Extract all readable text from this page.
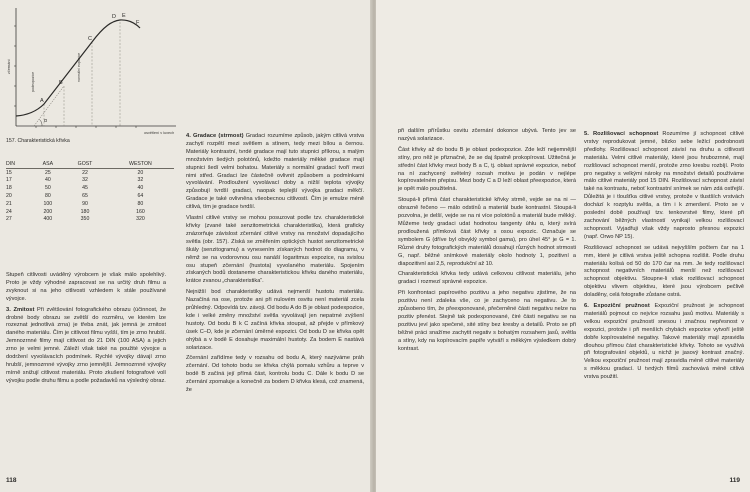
α
A
B
C
D E
F
podexpozice	normální expozice
zčernání
osvětlení v luxech
157. Charakteristická křivka
DIN	ASA	GOST	WESTON
15	25	22	20
17	40	32	32
18	50	45	40
20	80	65	64
21	100	90	80
24	200	180	160
27	400	350	320

Stupeň citlivosti uváděný výrobcem je však málo spolehlivý. Proto je vždy výhodné zapracovat se na určitý druh filmu a zvyknout si na jeho citlivosti vzhledem k stále používané vývojce.

3. Zmitost Při zvětšování fotografického obrazu (účinnost, že drobné body obrazu se zvětší do rozměru, ve kterém lze rozeznat jednotlivá zrna) je třeba znát, jak jemná je zrnitost daného materiálu. Čím je citlivost filmu vyšší, tím je zrno hrubší. Jemnozrnné filmy mají citlivost do 21 DIN (100 ASA) a jejich zrno je velmi jemné. Záleží však také na použité vývojce a dodržení vyvolávacích podmínek. Rychlé vývojky dávají zrno hrubší, jemnozrnné vývojky zrno jemnější. Jemnozrnné vývojky mírně snižují citlivost materiálu. Proto zkušení fotografové volí vývojku podle druhu filmu a podle požadavků na výsledný obraz.

4. Gradace (strmost) Gradaci rozumíme způsob, jakým citlivá vrstva zachytí rozpětí mezi světlem a stínem, tedy mezi bílou a černou. Materiály kontrastní, tvrdé gradace mají tuto stupnici příkrou, s malým množstvím šedých polotónů, kdežto materiály měkké gradace mají stupnici šedí velmi bohatou. Materiály s normální gradací tvoří mezi nimi střed. Gradaci lze částečně ovlivnit způsobem a podmínkami vyvolávání. Prodloužení vyvolávací doby a nižší teplota vývojky způsobují tvrdší gradaci, naopak teplejší vývojka gradaci měkčí. Gradace je také ovlivněna všeobecnou citlivostí. Čím je emulze méně citlivá, tím je gradace tvrdší.

Vlastní citlivé vrstvy se mohou posuzovat podle tzv. charakteristické křivky (zvané také senzitometrická charakteristika), která graficky znázorňuje závislost zčernání citlivé vrstvy na množství dopadajícího světla (obr. 157). Získá se změřením optických hustot senzitometrické škály (senzitogramu) a vynesením získaných hodnot do diagramu, v němž se na vodorovnou osu nanáší logaritmus expozice, na svislou osu stupeň zčernání (hustota) vyvolaného materiálu. Spojením získaných bodů dostaneme charakteristickou křivku daného materiálu, krátce zvanou „charakteristika“.

Nejnižší bod charakteristiky udává nejmenší hustotu materiálu. Nazačíná na ose, protože ani při nulovém osvitu není materiál zcela průhledný. Odpovídá tzv. závoji. Od bodu A do B je oblast podexpozice, kde i velké změny množství světla vyvolávají jen nepatrné zvýšení hustoty. Od bodu B k C začíná křivka stoupat, až přejde v přímkový úsek C–D, kde je zčernání úměrné expozici. Od bodu D se křivka opět ohýbá a v bodě E dosahuje maximální hustoty. Za bodem E nastává solarizace.

Zčernání zařídíme tedy v rozsahu od bodu A, který nazýváme práh zčernání. Od tohoto bodu se křivka chýlá pomalu vzhůru a teprve v bodě B začíná její přímá část, kontrolu bodu C. Dále k bodu D se zčernání zpomaluje a konečně za bodem D křivka klesá, což znamená, že

118

při dalším přírůstku osvitu zčernání dokonce ubývá. Tento jev se nazývá solarizace.

Část křivky až do bodu B je oblast podexpozice. Zde leží nejjemnější stíny, pro něž je přiznačné, že se daj špatně prokopírovat. Užitečná je střední část křivky mezi body B a C, tj. oblast správné expozice, neboť na ní zachycený světelný rozsah motivu je podán v nejlépe kopírovatelném přepisu. Mezi body C a D leží oblast přeexpozice, která je opět málo použitelná.

Stoupá-li přímá část charakteristické křivky strmě, vejde se na ni — obrazně řečeno — málo odstínů a materiál bude kontrastní. Stoupá-li pozvolna, je delší, vejde se na ni více polotónů a materiál bude měkký. Můžeme tedy gradaci udat hodnotou tangenty úhlu α, který svírá prodloužená přímková část křivky s osou expozic. Označuje se symbolem G (dříve byl obvyklý symbol gama), pro úhel 45° je G = 1. Různé druhy fotografických materiálů dosahují různých hodnot strmosti G, např. běžné snímkové materiály okolo hodnoty 1, pozitivní a diapozitivní asi 2,5, reprodukční až 10.

Charakteristická křivka tedy udává celkovou citlivost materiálu, jeho gradaci i rozmezí správné expozice.

Při konfrontaci papírového pozitivu a jeho negativu zjistíme, že na pozitivu není zdaleka vše, co je zachyceno na negativu. Je to způsobeno tím, že přeexponované, přečerněné části negativu nelze na pozitiv přenést. Stejně tak podexponované, čiré části negativu se na pozitivu jeví jako spečené, sité stíny bez kresby a detailů. Proto se při běžné práci snažíme zachytit negativ s bohatým rozsahem jasů, světla a stíny, kdy na kopírovacím papíře vytváří s měkkým výsledkem dobrý kontrast.

5. Rozlišovací schopnost Rozumíme jí schopnost citlivé vrstvy reprodukovat jemné, blízko sebe ležící podrobnosti předlohy. Rozlišovací schopnost závisí na druhu a citlivosti materiálu. Velmi citlivé materiály, které jsou hrubozrnné, mají rozlišovací schopnost menší, protože zrno kresbu rozbíjí. Proto pro negativy s velkými nároky na množství detailů používáme málo citlivé materiály pod 15 DIN. Rozlišovací schopnost závisí také na kontrastu, neboť kontrastní snímek se nám zdá ostřejší. Důležitá je i tloušťka citlivé vrstvy, protože v tlustších vrstvách dochází k rozptylu světla, a tím i k zmenšení. Proto se v poslední době používají tzv. tenkovrstvé filmy, které při zachování běžných vlastností vynikají velkou rozlišovací schopností. Vyjadřuji však vždy naprosto přesnou expozici (např. Orwo NP 15).

Rozlišovací schopnost se udává nejvyšším počtem čar na 1 mm, které je citlivá vrstva ještě schopna rozlišit. Podle druhu materiálu kolísá od 50 do 170 čar na mm. Je tedy rozlišovací schopnost negativních materiálů menší než rozlišovací schopnost objektivu. Stoupne-li však rozlišovací schopnost objektivu vlivem objektivu, které jsou výrobcem pečlivě doladěny, celá fotografie zůstane ostrá.

6. Expoziční pružnost Expoziční pružnost je schopnost materiálů pojmout co nejvíce rozsahu jasů motivu. Materiály s velkou expoziční pružností snesou i značnou nepřesnost v expozici, protože i při menších chybách expozice vytvoří ještě dobře kopírovatelné negativy. Takové materiály mají zpravidla dlouhou přímou část charakteristické křivky. Tohoto se využívá při fotografování objektů, u nichž je jasový kontrast značný. Velkou expoziční pružnost mají zpravidla méně citlivé materiály s měkkou gradací. U tvrdých filmů zachovává méně citlivá vrstva použití.

119
